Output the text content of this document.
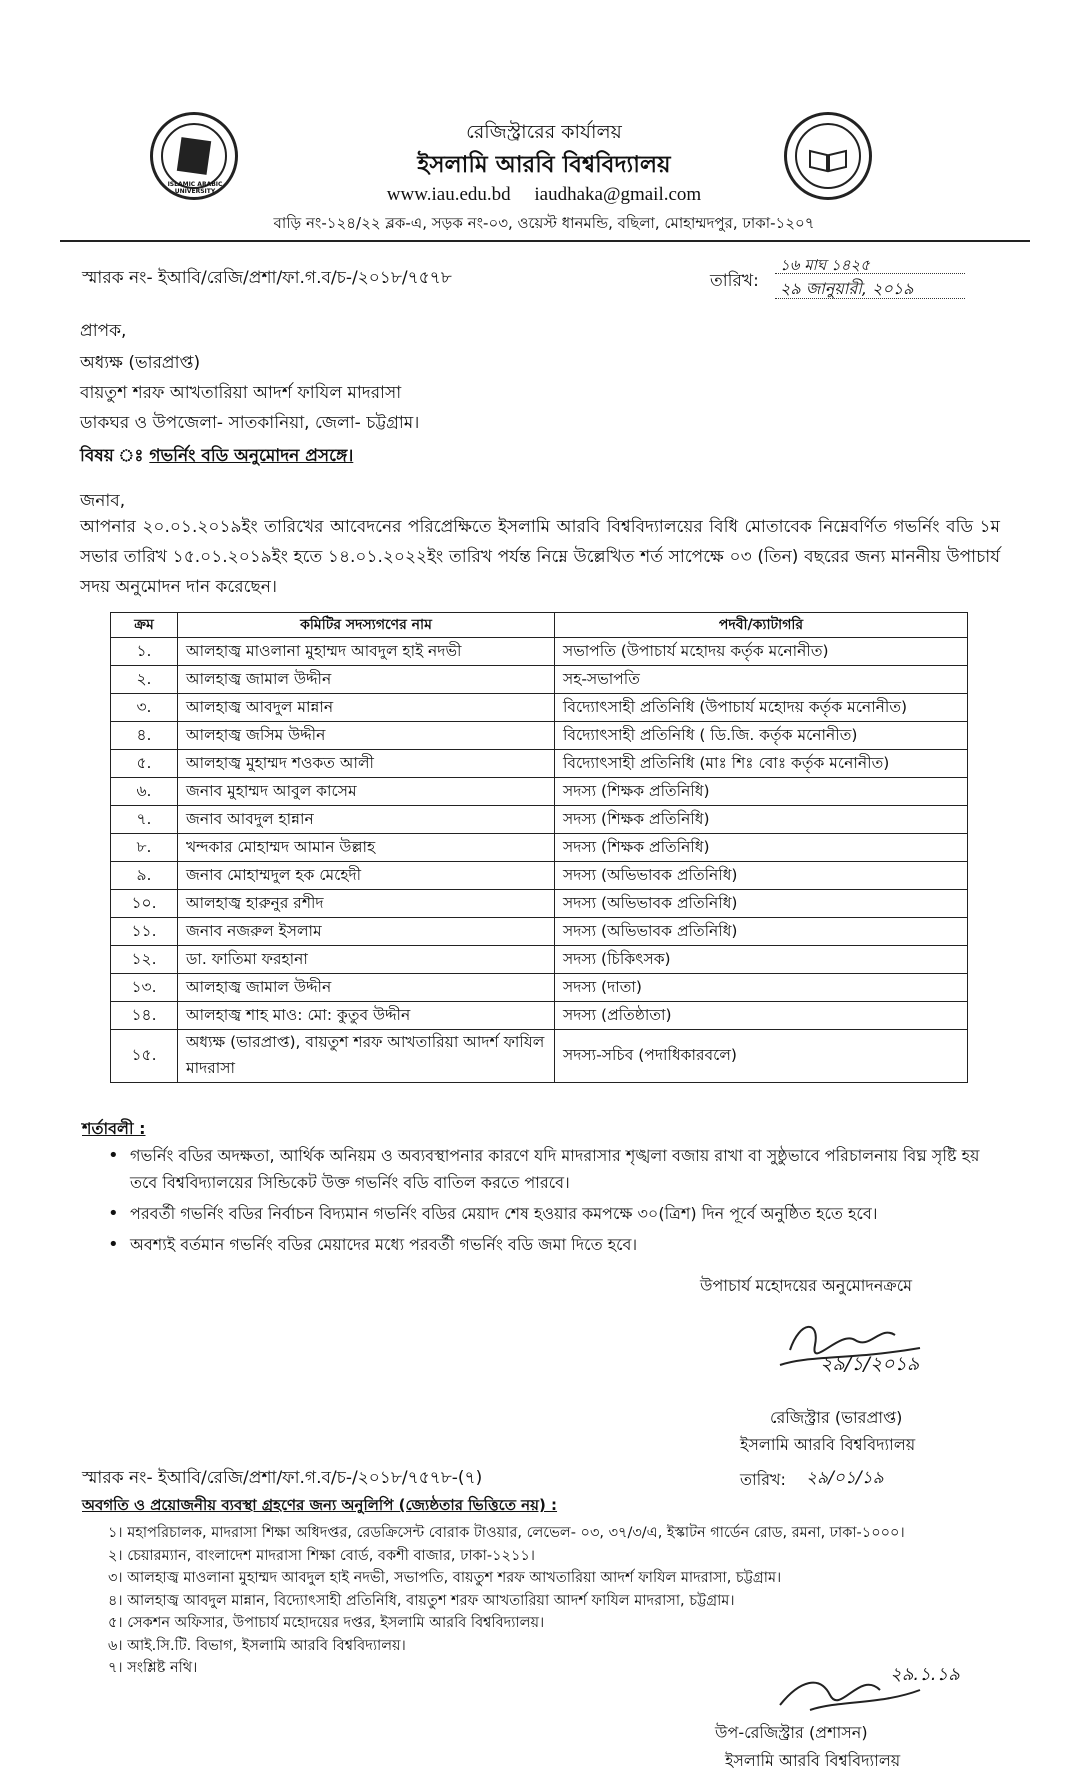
ISLAMIC ARABIC UNIVERSITY
রেজিস্ট্রারের কার্যালয়
ইসলামি আরবি বিশ্ববিদ্যালয়
www.iau.edu.bd iaudhaka@gmail.com
বাড়ি নং-১২৪/২২ ব্লক-এ, সড়ক নং-০৩, ওয়েস্ট ধানমন্ডি, বছিলা, মোহাম্মদপুর, ঢাকা-১২০৭
স্মারক নং- ইআবি/রেজি/প্রশা/ফা.গ.ব/চ-/২০১৮/৭৫৭৮	তারিখ:
১৬ মাঘ ১৪২৫
২৯ জানুয়ারী, ২০১৯
প্রাপক,
অধ্যক্ষ (ভারপ্রাপ্ত)
বায়তুশ শরফ আখতারিয়া আদর্শ ফাযিল মাদরাসা
ডাকঘর ও উপজেলা- সাতকানিয়া, জেলা- চট্টগ্রাম।
বিষয় ঃ গভর্নিং বডি অনুমোদন প্রসঙ্গে।
জনাব,
আপনার ২০.০১.২০১৯ইং তারিখের আবেদনের পরিপ্রেক্ষিতে ইসলামি আরবি বিশ্ববিদ্যালয়ের বিধি মোতাবেক নিম্নেবর্ণিত গভর্নিং বডি ১ম সভার তারিখ ১৫.০১.২০১৯ইং হতে ১৪.০১.২০২২ইং তারিখ পর্যন্ত নিম্নে উল্লেখিত শর্ত সাপেক্ষে ০৩ (তিন) বছরের জন্য মাননীয় উপাচার্য সদয় অনুমোদন দান করেছেন।
ক্রম	কমিটির সদস্যগণের নাম	পদবী/ক্যাটাগরি
১.	আলহাজ্ব মাওলানা মুহাম্মদ আবদুল হাই নদভী	সভাপতি (উপাচার্য মহোদয় কর্তৃক মনোনীত)
২.	আলহাজ্ব জামাল উদ্দীন	সহ-সভাপতি
৩.	আলহাজ্ব আবদুল মান্নান	বিদ্যোৎসাহী প্রতিনিধি (উপাচার্য মহোদয় কর্তৃক মনোনীত)
৪.	আলহাজ্ব জসিম উদ্দীন	বিদ্যোৎসাহী প্রতিনিধি ( ডি.জি. কর্তৃক মনোনীত)
৫.	আলহাজ্ব মুহাম্মদ শওকত আলী	বিদ্যোৎসাহী প্রতিনিধি (মাঃ শিঃ বোঃ কর্তৃক মনোনীত)
৬.	জনাব মুহাম্মদ আবুল কাসেম	সদস্য (শিক্ষক প্রতিনিধি)
৭.	জনাব আবদুল হান্নান	সদস্য (শিক্ষক প্রতিনিধি)
৮.	খন্দকার মোহাম্মদ আমান উল্লাহ	সদস্য (শিক্ষক প্রতিনিধি)
৯.	জনাব মোহাম্মদুল হক মেহেদী	সদস্য (অভিভাবক প্রতিনিধি)
১০.	আলহাজ্ব হারুনুর রশীদ	সদস্য (অভিভাবক প্রতিনিধি)
১১.	জনাব নজরুল ইসলাম	সদস্য (অভিভাবক প্রতিনিধি)
১২.	ডা. ফাতিমা ফরহানা	সদস্য (চিকিৎসক)
১৩.	আলহাজ্ব জামাল উদ্দীন	সদস্য (দাতা)
১৪.	আলহাজ্ব শাহ মাও: মো: কুতুব উদ্দীন	সদস্য (প্রতিষ্ঠাতা)
১৫.	অধ্যক্ষ (ভারপ্রাপ্ত), বায়তুশ শরফ আখতারিয়া আদর্শ ফাযিল মাদরাসা	সদস্য-সচিব (পদাধিকারবলে)
শর্তাবলী :
• গভর্নিং বডির অদক্ষতা, আর্থিক অনিয়ম ও অব্যবস্থাপনার কারণে যদি মাদরাসার শৃঙ্খলা বজায় রাখা বা সুষ্ঠুভাবে পরিচালনায় বিঘ্ন সৃষ্টি হয় তবে বিশ্ববিদ্যালয়ের সিন্ডিকেট উক্ত গভর্নিং বডি বাতিল করতে পারবে।
• পরবর্তী গভর্নিং বডির নির্বাচন বিদ্যমান গভর্নিং বডির মেয়াদ শেষ হওয়ার কমপক্ষে ৩০(ত্রিশ) দিন পূর্বে অনুষ্ঠিত হতে হবে।
• অবশ্যই বর্তমান গভর্নিং বডির মেয়াদের মধ্যে পরবর্তী গভর্নিং বডি জমা দিতে হবে।
উপাচার্য মহোদয়ের অনুমোদনক্রমে
২৯/১/২০১৯
রেজিস্ট্রার (ভারপ্রাপ্ত)
ইসলামি আরবি বিশ্ববিদ্যালয়
স্মারক নং- ইআবি/রেজি/প্রশা/ফা.গ.ব/চ-/২০১৮/৭৫৭৮-(৭)	তারিখ: ২৯/০১/১৯
অবগতি ও প্রয়োজনীয় ব্যবস্থা গ্রহণের জন্য অনুলিপি (জ্যেষ্ঠতার ভিত্তিতে নয়) :
১। মহাপরিচালক, মাদরাসা শিক্ষা অধিদপ্তর, রেডক্রিসেন্ট বোরাক টাওয়ার, লেভেল- ০৩, ৩৭/৩/এ, ইস্কাটন গার্ডেন রোড, রমনা, ঢাকা-১০০০।
২। চেয়ারম্যান, বাংলাদেশ মাদরাসা শিক্ষা বোর্ড, বকশী বাজার, ঢাকা-১২১১।
৩। আলহাজ্ব মাওলানা মুহাম্মদ আবদুল হাই নদভী, সভাপতি, বায়তুশ শরফ আখতারিয়া আদর্শ ফাযিল মাদরাসা, চট্টগ্রাম।
৪। আলহাজ্ব আবদুল মান্নান, বিদ্যোৎসাহী প্রতিনিধি, বায়তুশ শরফ আখতারিয়া আদর্শ ফাযিল মাদরাসা, চট্টগ্রাম।
৫। সেকশন অফিসার, উপাচার্য মহোদয়ের দপ্তর, ইসলামি আরবি বিশ্ববিদ্যালয়।
৬। আই.সি.টি. বিভাগ, ইসলামি আরবি বিশ্ববিদ্যালয়।
৭। সংশ্লিষ্ট নথি।	২৯.১.১৯
উপ-রেজিস্ট্রার (প্রশাসন)
ইসলামি আরবি বিশ্ববিদ্যালয়
